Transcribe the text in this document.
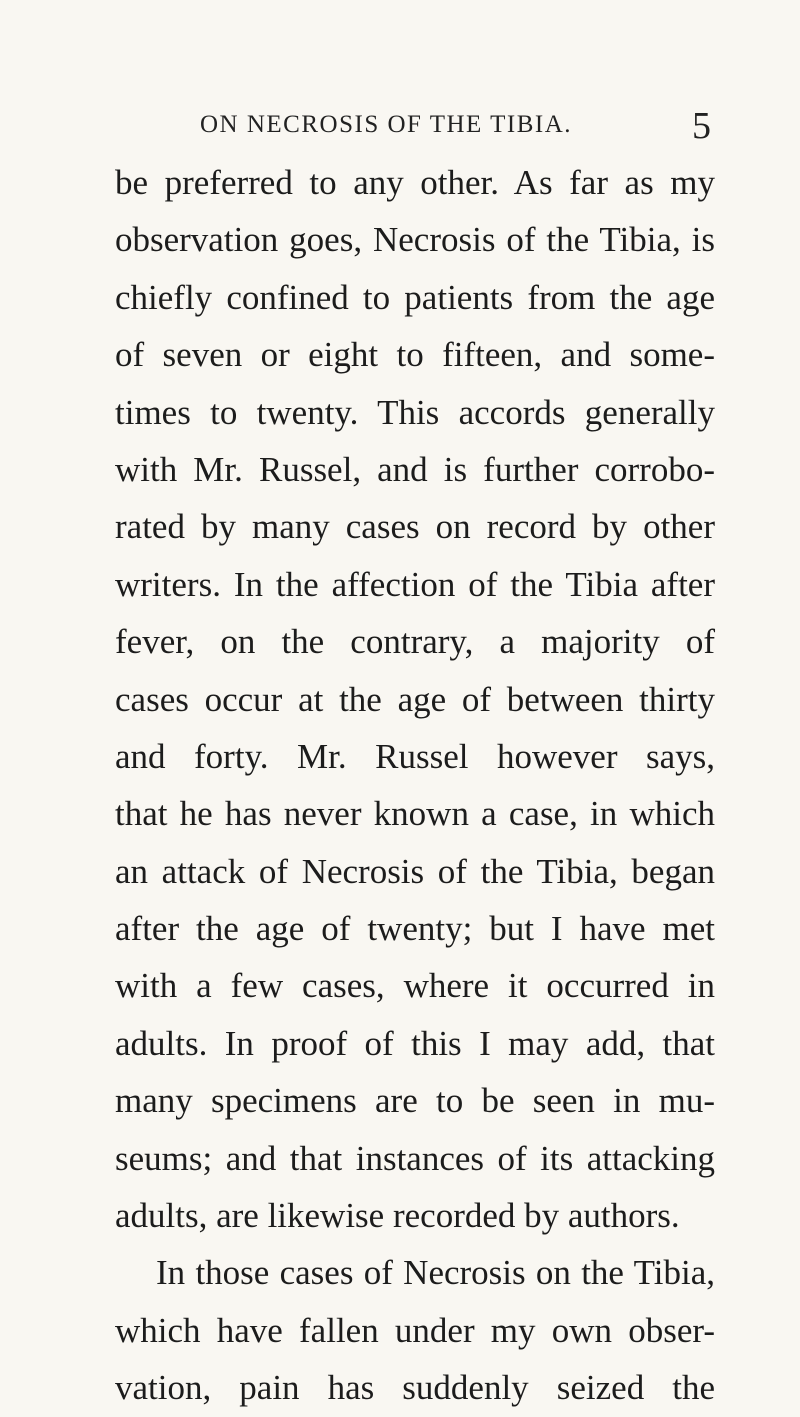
ON NECROSIS OF THE TIBIA.	5
be preferred to any other. As far as my
observation goes, Necrosis of the Tibia, is
chiefly confined to patients from the age
of seven or eight to fifteen, and some-
times to twenty. This accords generally
with Mr. Russel, and is further corrobo-
rated by many cases on record by other
writers. In the affection of the Tibia after
fever, on the contrary, a majority of
cases occur at the age of between thirty
and forty. Mr. Russel however says,
that he has never known a case, in which
an attack of Necrosis of the Tibia, began
after the age of twenty; but I have met
with a few cases, where it occurred in
adults. In proof of this I may add, that
many specimens are to be seen in mu-
seums; and that instances of its attacking
adults, are likewise recorded by authors.
In those cases of Necrosis on the Tibia,
which have fallen under my own obser-
vation, pain has suddenly seized the
